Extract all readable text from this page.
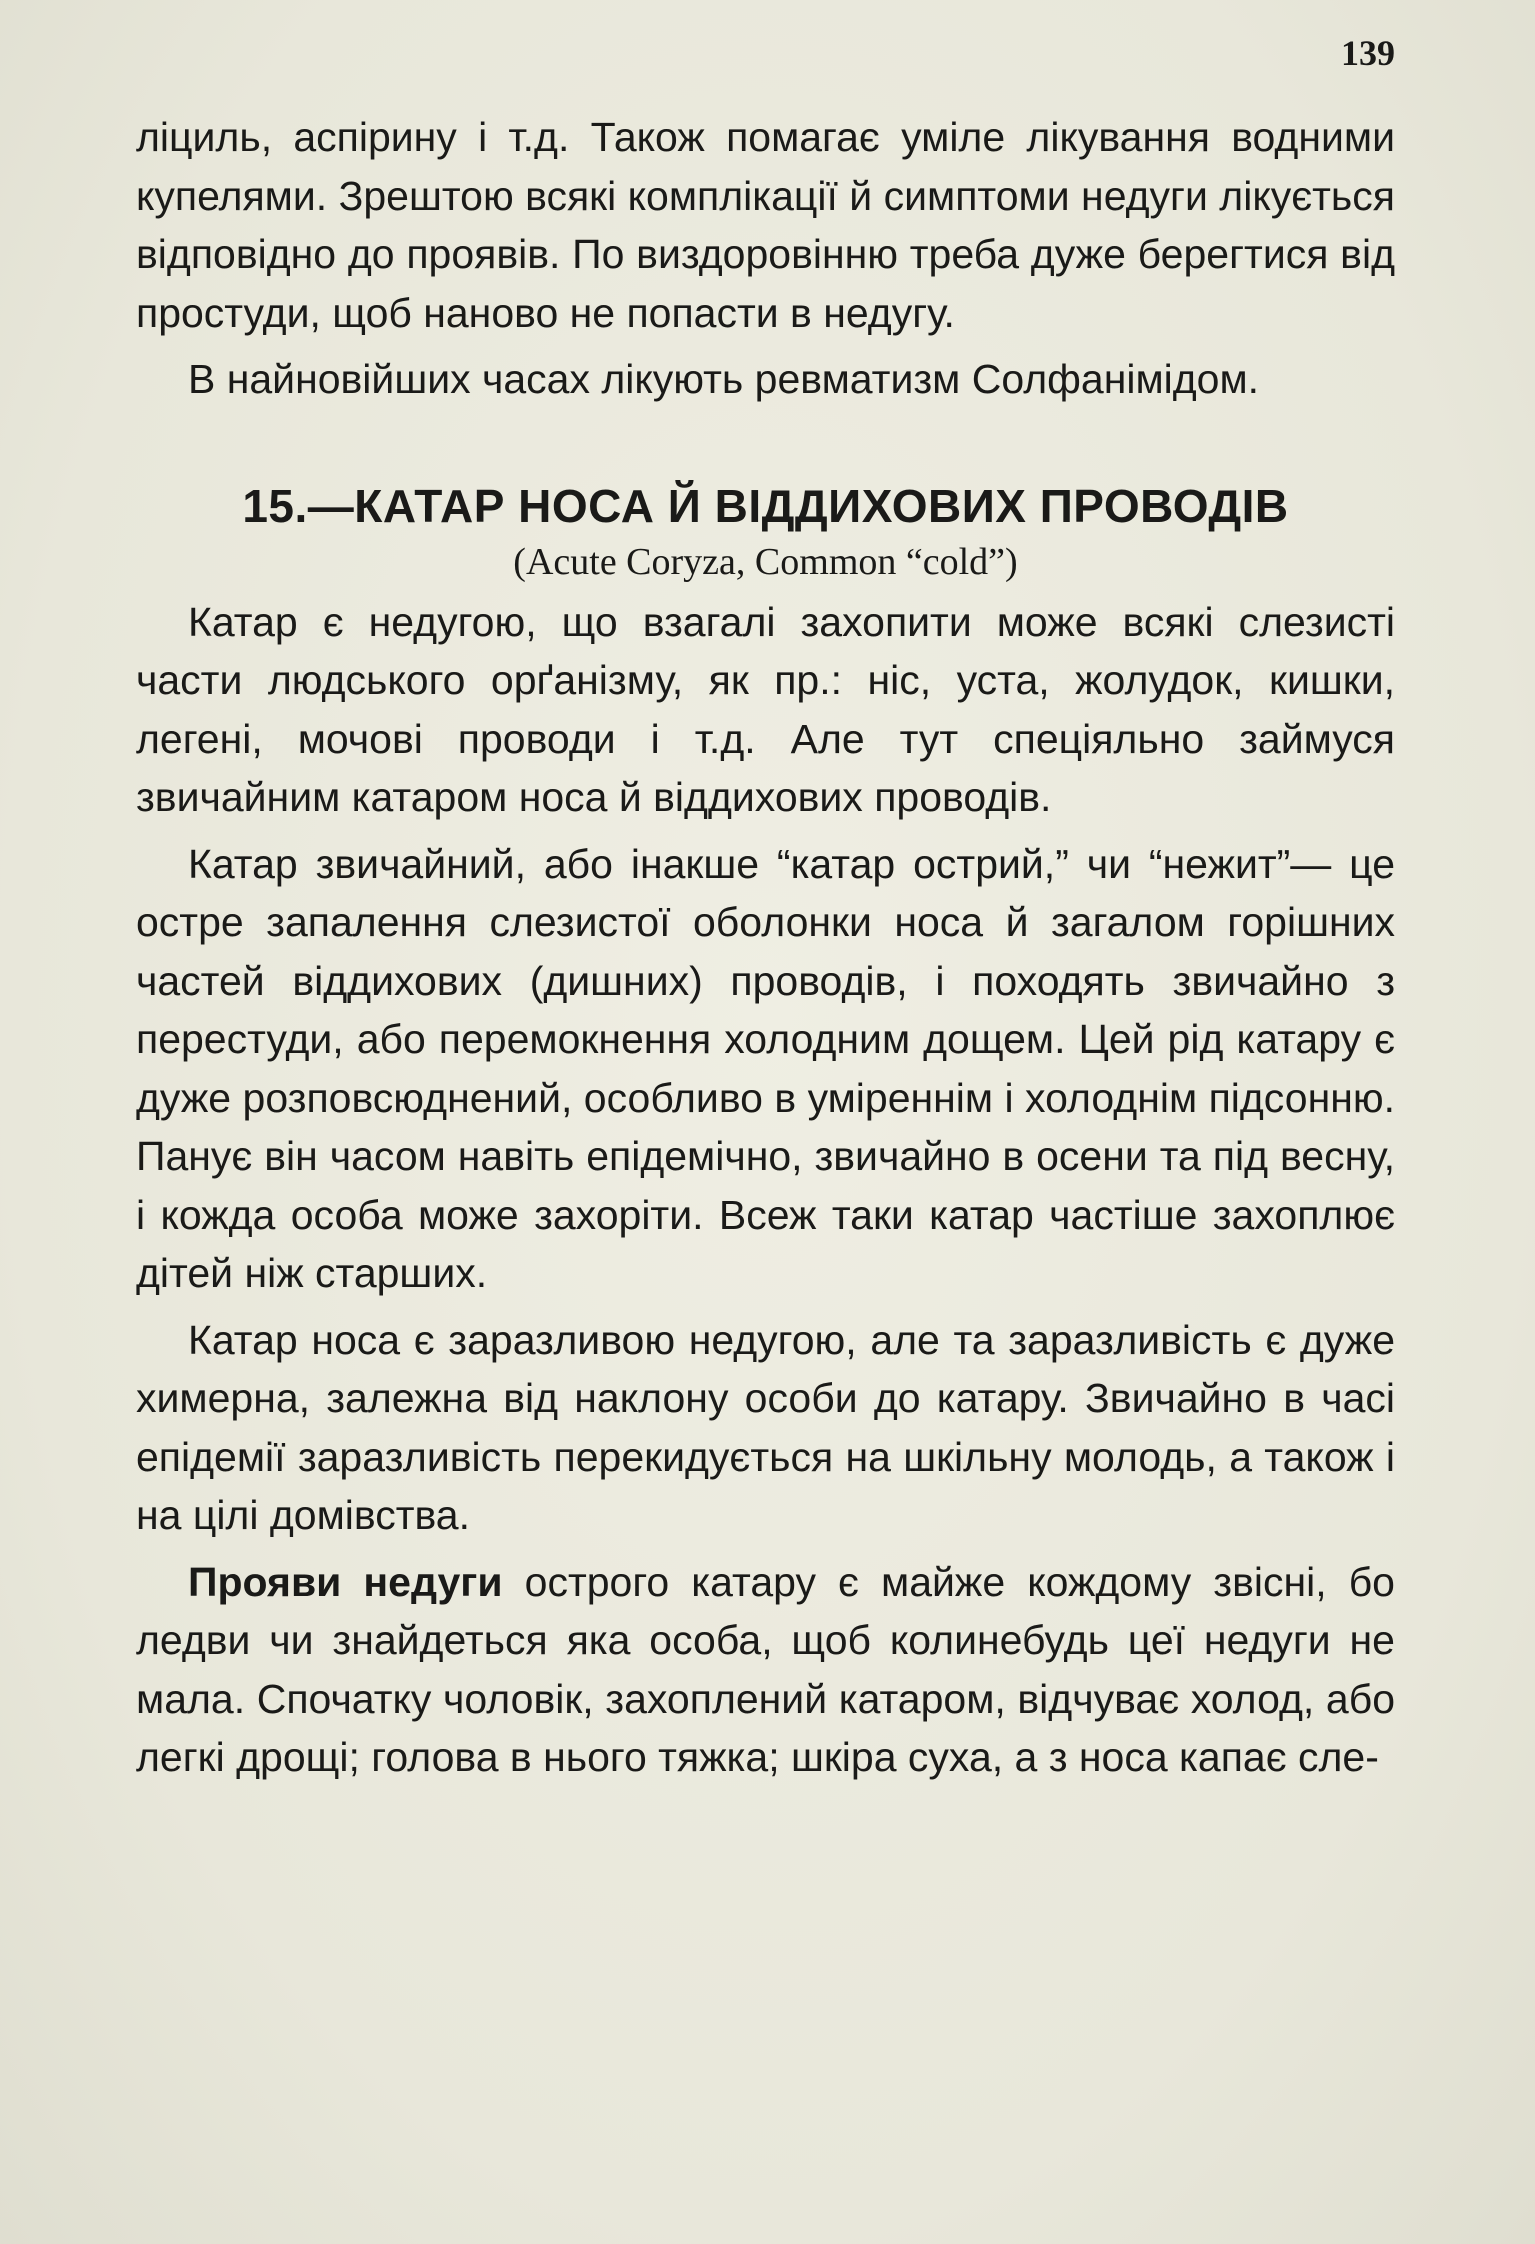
139

ліциль, аспірину і т.д. Також помагає уміле лікування водними купелями. Зрештою всякі комплікації й симптоми недуги лікується відповідно до проявів. По виздоровінню треба дуже берегтися від простуди, щоб наново не попасти в недугу.

В найновійших часах лікують ревматизм Солфанімідом.

15.—КАТАР НОСА Й ВІДДИХОВИХ ПРОВОДІВ
(Acute Coryza, Common “cold”)

Катар є недугою, що взагалі захопити може всякі слезисті части людського орґанізму, як пр.: ніс, уста, жолудок, кишки, легені, мочові проводи і т.д. Але тут спеціяльно займуся звичайним катаром носа й віддихових проводів.

Катар звичайний, або інакше “катар острий,” чи “нежит”— це остре запалення слезистої оболонки носа й загалом горішних частей віддихових (дишних) проводів, і походять звичайно з перестуди, або перемокнення холодним дощем. Цей рід катару є дуже розповсюднений, особливо в уміреннім і холоднім підсонню. Панує він часом навіть епідемічно, звичайно в осени та під весну, і кожда особа може захоріти. Всеж таки катар частіше захоплює дітей ніж старших.

Катар носа є заразливою недугою, але та заразливість є дуже химерна, залежна від наклону особи до катару. Звичайно в часі епідемії заразливість перекидується на шкільну молодь, а також і на цілі домівства.

Прояви недуги острого катару є майже кождому звісні, бо ледви чи знайдеться яка особа, щоб колинебудь цеї недуги не мала. Спочатку чоловік, захоплений катаром, відчуває холод, або легкі дрощі; голова в нього тяжка; шкіра суха, а з носа капає сле-
